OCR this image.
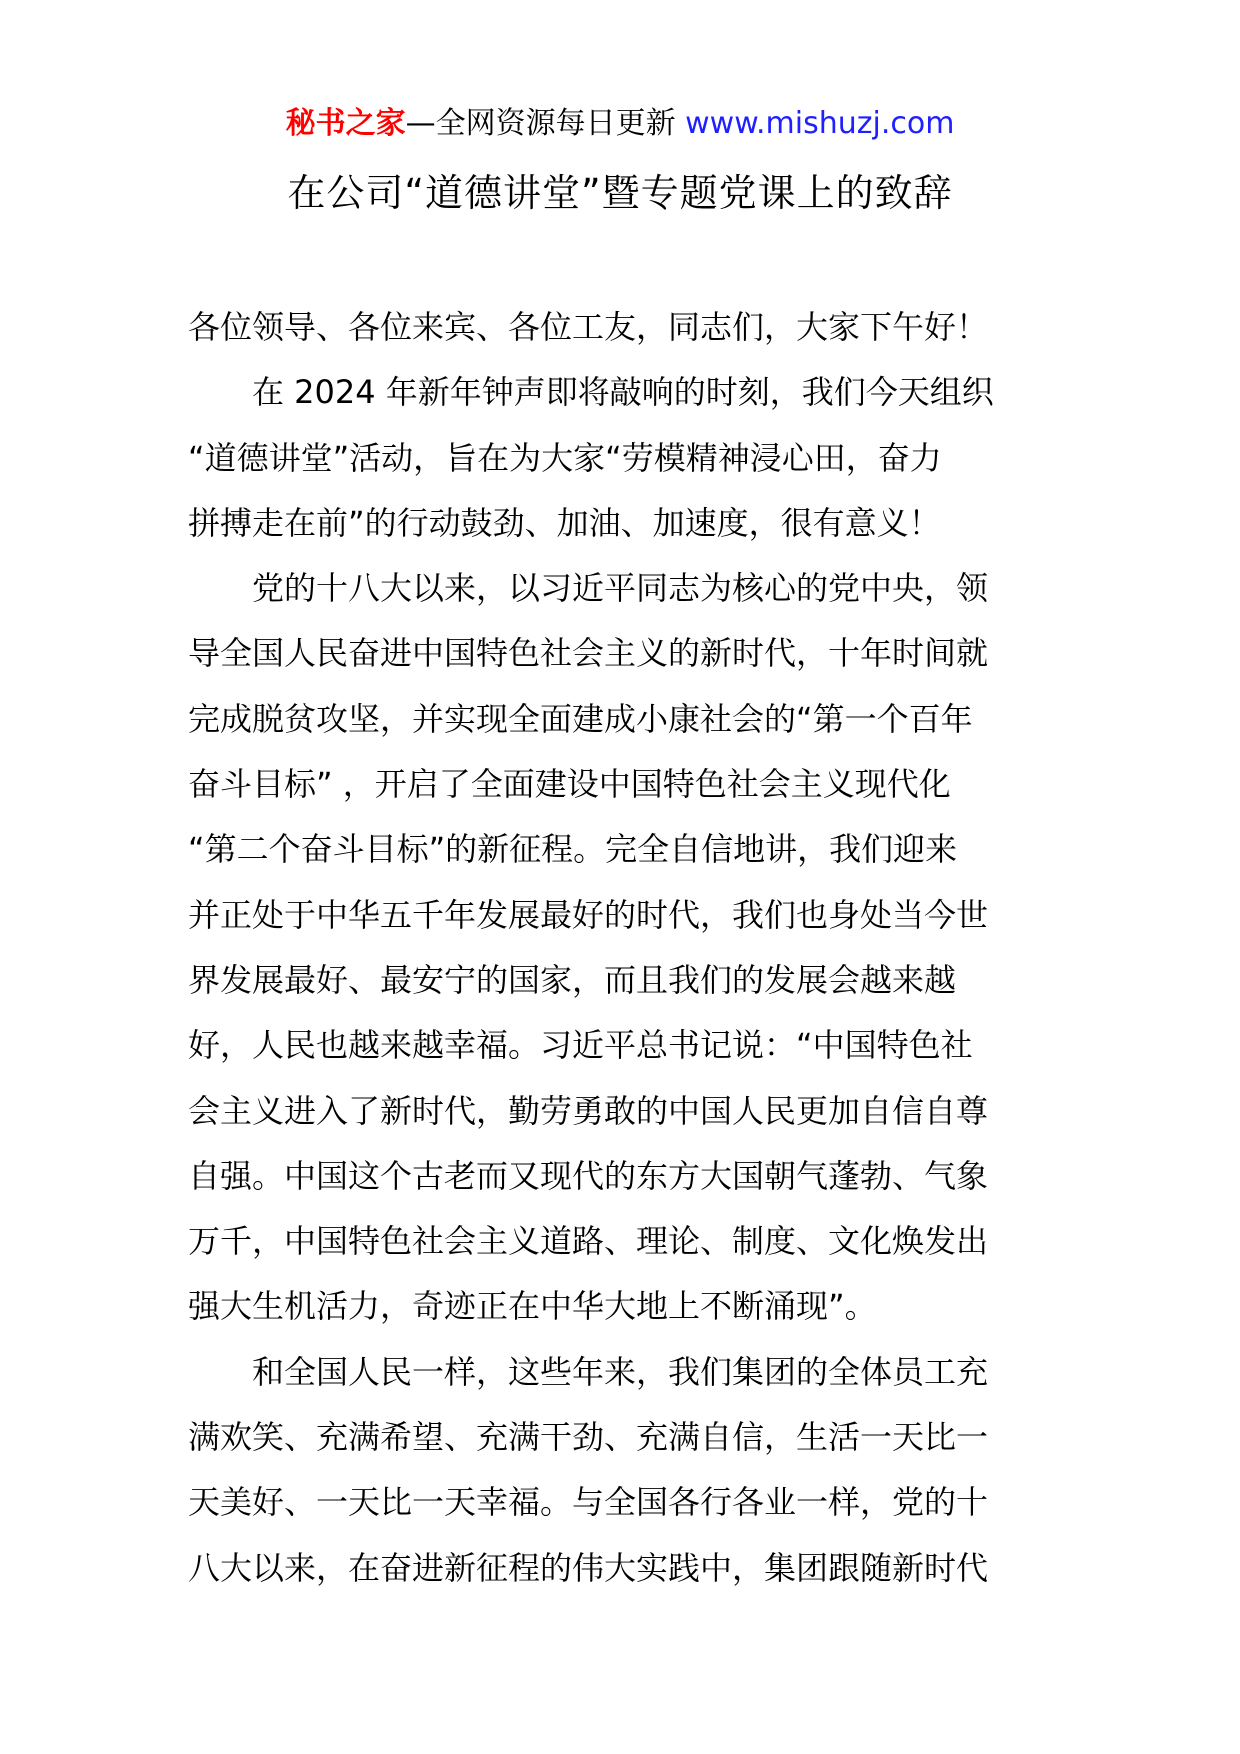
秘书之家—全网资源每日更新 www.mishuzj.com
在公司“道德讲堂”暨专题党课上的致辞
各位领导、各位来宾、各位工友，同志们，大家下午好！
在 2024 年新年钟声即将敲响的时刻，我们今天组织
“道德讲堂”活动，旨在为大家“劳模精神浸心田，奋力
拼搏走在前”的行动鼓劲、加油、加速度，很有意义！
党的十八大以来，以习近平同志为核心的党中央，领
导全国人民奋进中国特色社会主义的新时代，十年时间就
完成脱贫攻坚，并实现全面建成小康社会的“第一个百年
奋斗目标” ，开启了全面建设中国特色社会主义现代化
“第二个奋斗目标”的新征程。完全自信地讲，我们迎来
并正处于中华五千年发展最好的时代，我们也身处当今世
界发展最好、最安宁的国家，而且我们的发展会越来越
好，人民也越来越幸福。习近平总书记说：“中国特色社
会主义进入了新时代，勤劳勇敢的中国人民更加自信自尊
自强。中国这个古老而又现代的东方大国朝气蓬勃、气象
万千，中国特色社会主义道路、理论、制度、文化焕发出
强大生机活力，奇迹正在中华大地上不断涌现”。
和全国人民一样，这些年来，我们集团的全体员工充
满欢笑、充满希望、充满干劲、充满自信，生活一天比一
天美好、一天比一天幸福。与全国各行各业一样，党的十
八大以来，在奋进新征程的伟大实践中，集团跟随新时代
